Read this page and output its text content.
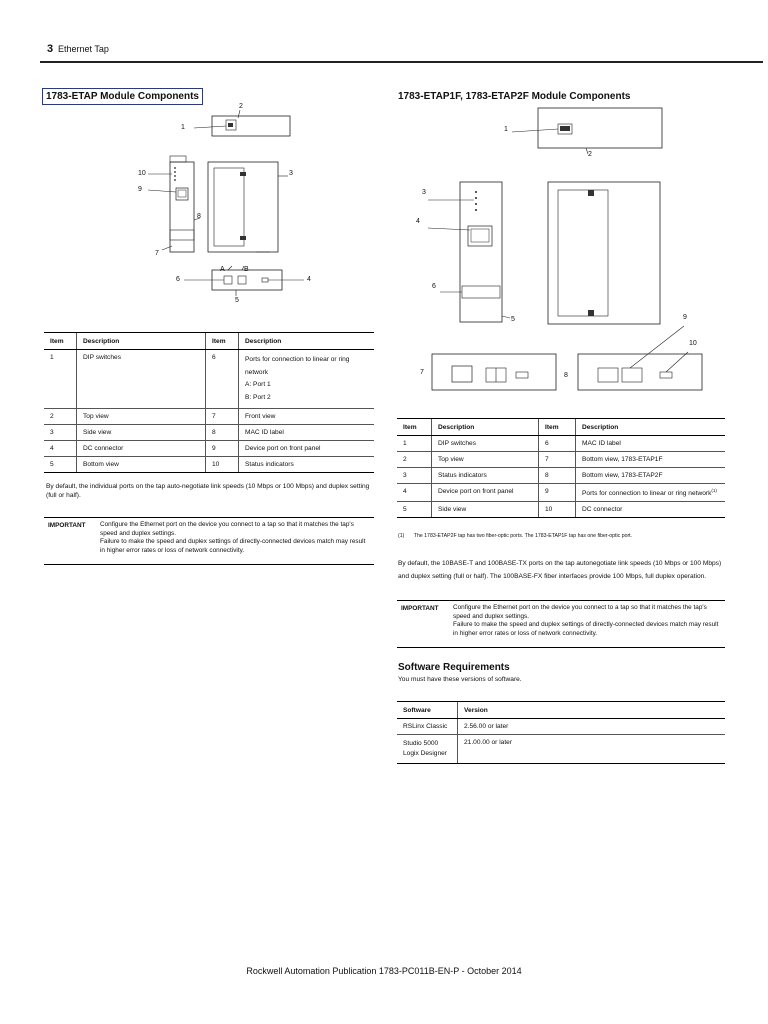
3 Ethernet Tap
1783-ETAP Module Components
1
2
3
4
5
6
7
8
9
10
A	B
Item	Description	Item	Description
1	DIP switches	6	Ports for connection to linear or ring network
A: Port 1
B: Port 2

2	Top view	7	Front view
3	Side view	8	MAC ID label
4	DC connector	9	Device port on front panel
5	Bottom view	10	Status indicators
By default, the individual ports on the tap auto-negotiate link speeds (10 Mbps or 100 Mbps) and duplex setting (full or half).
IMPORTANT Configure the Ethernet port on the device you connect to a tap so that it matches the tap's speed and duplex settings.
Failure to make the speed and duplex settings of directly-connected devices match may result in higher error rates or loss of network connectivity.
1783-ETAP1F, 1783-ETAP2F Module Components
1
2
3
4
5
6
7	8
9
10
Item	Description	Item	Description
1	DIP switches	6	MAC ID label
2	Top view	7	Bottom view, 1783-ETAP1F
3	Status indicators	8	Bottom view, 1783-ETAP2F
4	Device port on front panel	9	Ports for connection to linear or ring network$^{(1)}$
5	Side view	10	DC connector
(1) The 1783-ETAP2F tap has two fiber-optic ports. The 1783-ETAP1F tap has one fiber-optic port.
By default, the 10BASE-T and 100BASE-TX ports on the tap autonegotiate link speeds (10 Mbps or 100 Mbps) and duplex setting (full or half). The 100BASE-FX fiber interfaces provide 100 Mbps, full duplex operation.
IMPORTANT Configure the Ethernet port on the device you connect to a tap so that it matches the tap's speed and duplex settings.
Failure to make the speed and duplex settings of directly-connected devices match may result in higher error rates or loss of network connectivity.
Software Requirements
You must have these versions of software.
Software	Version
RSLinx Classic	2.56.00 or later
Studio 5000 Logix Designer	21.00.00 or later
Rockwell Automation Publication 1783-PC011B-EN-P - October 2014
